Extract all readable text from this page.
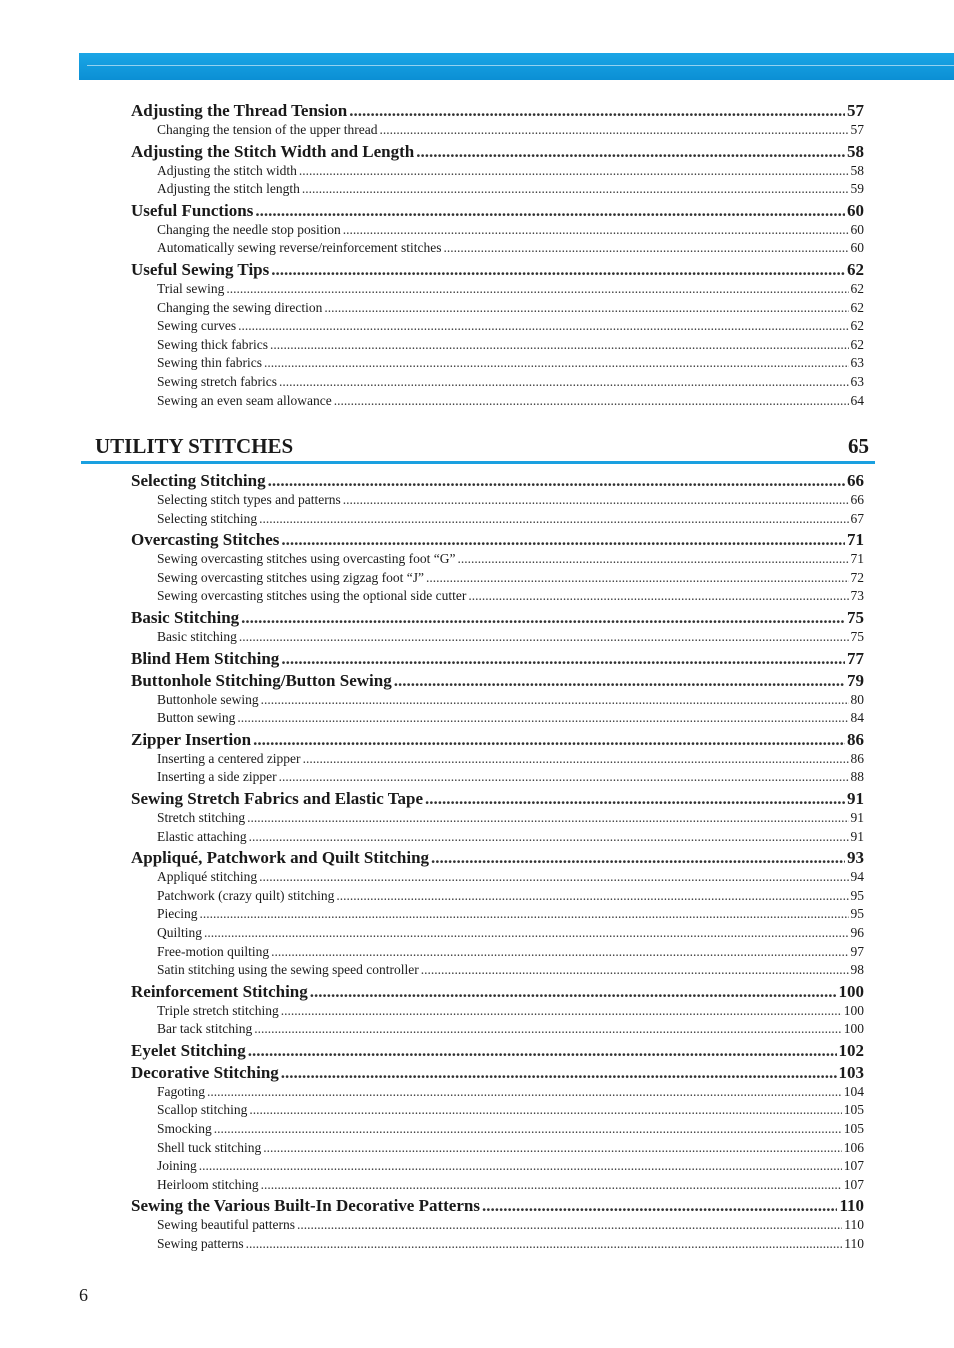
Adjusting the Thread Tension .....	57
Changing the tension of the upper thread .....	57
Adjusting the Stitch Width and Length .....	58
Adjusting the stitch width .....	58
Adjusting the stitch length .....	59
Useful Functions .....	60
Changing the needle stop position .....	60
Automatically sewing reverse/reinforcement stitches .....	60
Useful Sewing Tips .....	62
Trial sewing .....	62
Changing the sewing direction .....	62
Sewing curves .....	62
Sewing thick fabrics .....	62
Sewing thin fabrics .....	63
Sewing stretch fabrics .....	63
Sewing an even seam allowance .....	64
UTILITY STITCHES	65
Selecting Stitching .....	66
Selecting stitch types and patterns .....	66
Selecting stitching .....	67
Overcasting Stitches .....	71
Sewing overcasting stitches using overcasting foot “G” .....	71
Sewing overcasting stitches using zigzag foot “J” .....	72
Sewing overcasting stitches using the optional side cutter .....	73
Basic Stitching .....	75
Basic stitching .....	75
Blind Hem Stitching .....	77
Buttonhole Stitching/Button Sewing .....	79
Buttonhole sewing .....	80
Button sewing .....	84
Zipper Insertion .....	86
Inserting a centered zipper .....	86
Inserting a side zipper .....	88
Sewing Stretch Fabrics and Elastic Tape .....	91
Stretch stitching .....	91
Elastic attaching .....	91
Appliqué, Patchwork and Quilt Stitching .....	93
Appliqué stitching .....	94
Patchwork (crazy quilt) stitching .....	95
Piecing .....	95
Quilting .....	96
Free-motion quilting .....	97
Satin stitching using the sewing speed controller .....	98
Reinforcement Stitching .....	100
Triple stretch stitching .....	100
Bar tack stitching .....	100
Eyelet Stitching .....	102
Decorative Stitching .....	103
Fagoting .....	104
Scallop stitching .....	105
Smocking .....	105
Shell tuck stitching .....	106
Joining .....	107
Heirloom stitching .....	107
Sewing the Various Built-In Decorative Patterns .....	110
Sewing beautiful patterns .....	110
Sewing patterns .....	110
6
